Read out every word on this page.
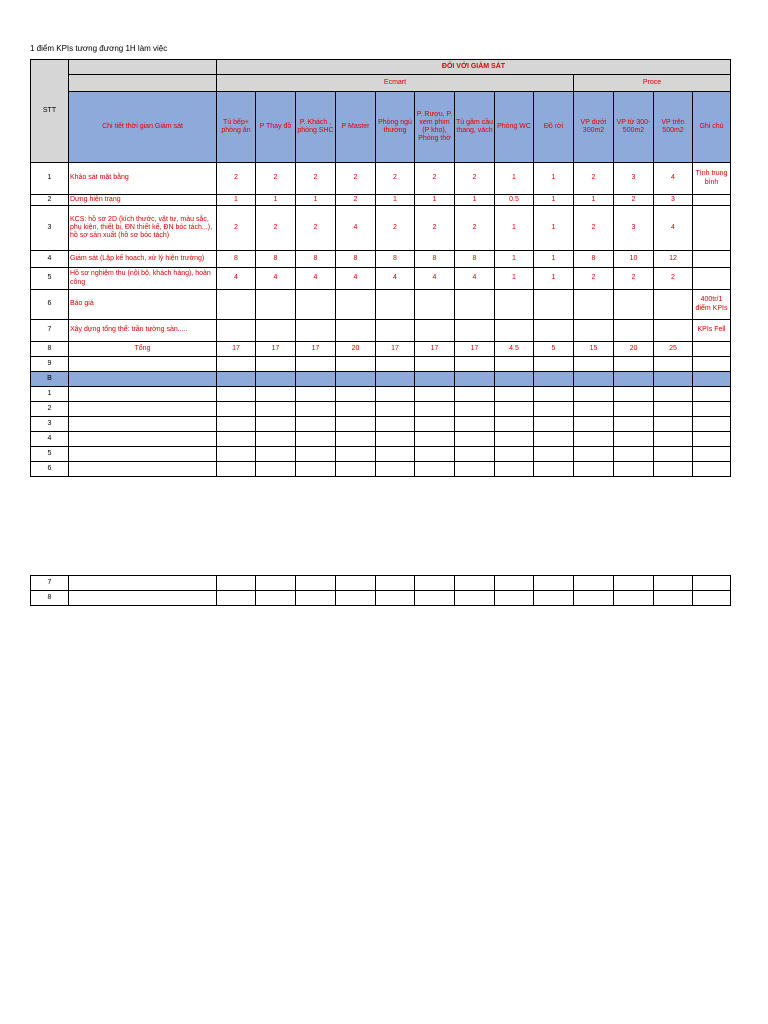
1 điểm KPIs tương đương 1H làm việc
STT		ĐỐI VỚI GIÁM SÁT												
		Ecmart									Proce			
	Chi tiết thời gian Giám sát	Tủ bếp+ phòng ăn	P Thay đồ	P. Khách , phòng SHC	P Master	Phòng ngủ thường	P. Rượu, P. xem phim (P kho), Phòng thờ	Tủ gầm cầu thang, vách	Phòng WC	Đồ rời	VP dưới 300m2	VP từ 300-500m2	VP trên 500m2	Ghi chú
1	Khảo sát mặt bằng	2	2	2	2	2	2	2	1	1	2	3	4	Tình trung bình
2	Dựng hiện trạng	1	1	1	2	1	1	1	0.5	1	1	2	3	
3	KCS: hồ sơ 2D (kích thước, vật tư, màu sắc, phụ kiện, thiết bị, ĐN thiết kế, ĐN bóc tách...), hồ sơ sản xuất (hồ sơ bóc tách)	2	2	2	4	2	2	2	1	1	2	3	4	
4	Giám sát (Lập kế hoạch, xử lý hiện trường)	8	8	8	8	8	8	8	1	1	8	10	12	
5	Hồ sơ nghiệm thu (nội bộ, khách hàng), hoàn công	4	4	4	4	4	4	4	1	1	2	2	2	
6	Báo giá													400tr/1 điểm KPIs
7	Xây dựng tổng thể: trần tường sàn.....													KPIs Fell
8	Tổng	17	17	17	20	17	17	17	4.5	5	15	20	25	
9														
B														
1														
2														
3														
4														
5														
6														
7														
8														
